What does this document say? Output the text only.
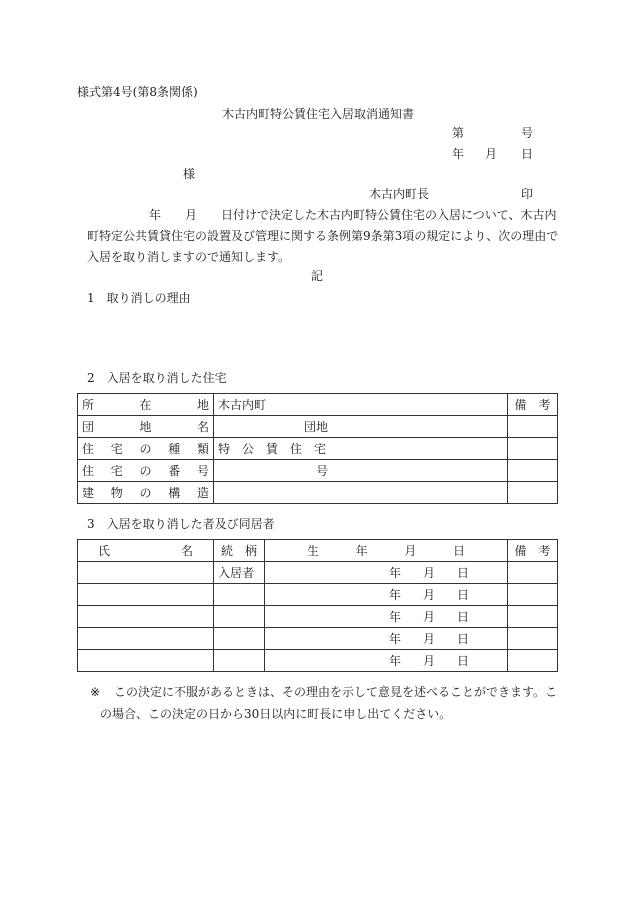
様式第4号(第8条関係)
木古内町特公賃住宅入居取消通知書
第	号
年 月 日
様
木古内町長	印
年 月 日付けで決定した木古内町特公賃住宅の入居について、木古内
町特定公共賃貸住宅の設置及び管理に関する条例第9条第3項の規定により、次の理由で
入居を取り消しますので通知します。
記
1　取り消しの理由
2　入居を取り消した住宅
所 在 地	木古内町	備　考

団 地 名	団地	

住 宅 の 種 類	特　公　賃　住　宅	

住 宅 の 番 号	号	

建 物 の 構 造		

3　入居を取り消した者及び同居者
氏 名	続　柄	生 年 月 日	備　考
	入居者	年 月 日	
		年 月 日	
		年 月 日	
		年 月 日	
		年 月 日	
※ この決定に不服があるときは、その理由を示して意見を述べることができます。こ
の場合、この決定の日から30日以内に町長に申し出てください。
